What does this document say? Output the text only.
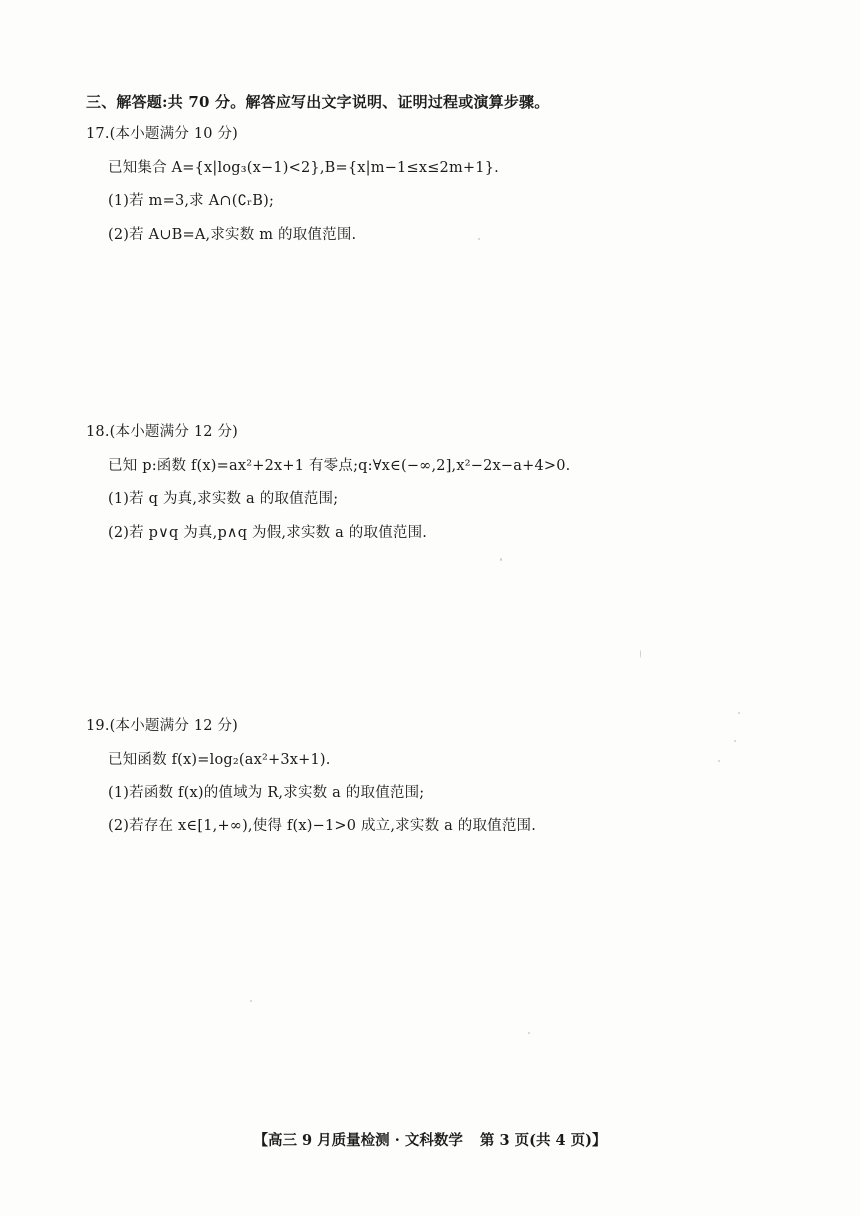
三、解答题:共 70 分。解答应写出文字说明、证明过程或演算步骤。
17.(本小题满分 10 分)
已知集合 A={x|log₃(x−1)<2},B={x|m−1≤x≤2m+1}.
(1)若 m=3,求 A∩(∁ᵣB);
(2)若 A∪B=A,求实数 m 的取值范围.
18.(本小题满分 12 分)
已知 p:函数 f(x)=ax²+2x+1 有零点;q:∀x∈(−∞,2],x²−2x−a+4>0.
(1)若 q 为真,求实数 a 的取值范围;
(2)若 p∨q 为真,p∧q 为假,求实数 a 的取值范围.
19.(本小题满分 12 分)
已知函数 f(x)=log₂(ax²+3x+1).
(1)若函数 f(x)的值域为 R,求实数 a 的取值范围;
(2)若存在 x∈[1,+∞),使得 f(x)−1>0 成立,求实数 a 的取值范围.
【高三 9 月质量检测 · 文科数学 第 3 页(共 4 页)】
